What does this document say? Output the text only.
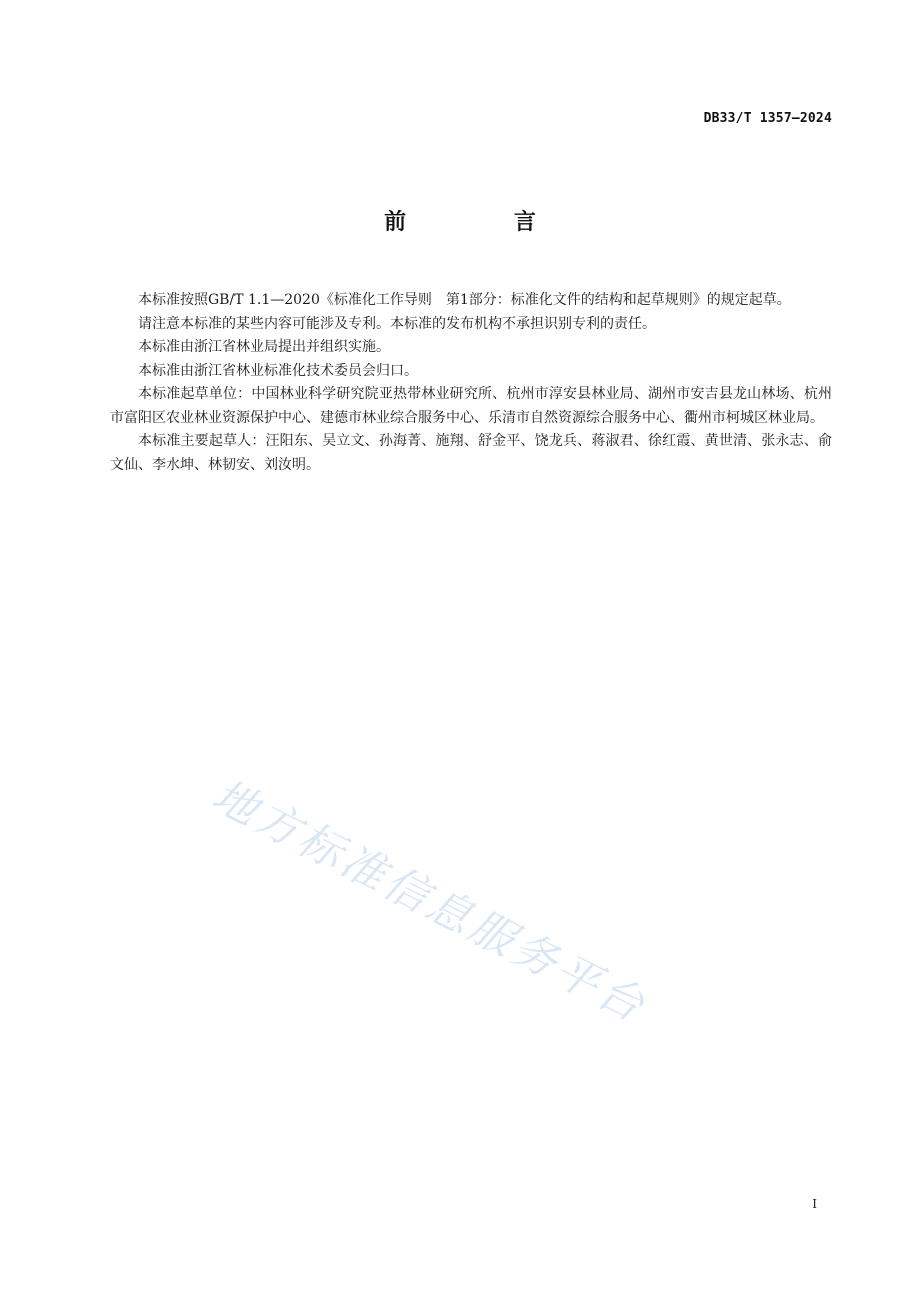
DB33/T 1357—2024
前 言

本标准按照GB/T 1.1—2020《标准化工作导则　第1部分：标准化文件的结构和起草规则》的规定起草。

请注意本标准的某些内容可能涉及专利。本标准的发布机构不承担识别专利的责任。

本标准由浙江省林业局提出并组织实施。

本标准由浙江省林业标准化技术委员会归口。

本标准起草单位：中国林业科学研究院亚热带林业研究所、杭州市淳安县林业局、湖州市安吉县龙山林场、杭州市富阳区农业林业资源保护中心、建德市林业综合服务中心、乐清市自然资源综合服务中心、衢州市柯城区林业局。

本标准主要起草人：汪阳东、吴立文、孙海菁、施翔、舒金平、饶龙兵、蒋淑君、徐红霞、黄世清、张永志、俞文仙、李水坤、林韧安、刘汝明。

地方标准信息服务平台
I
